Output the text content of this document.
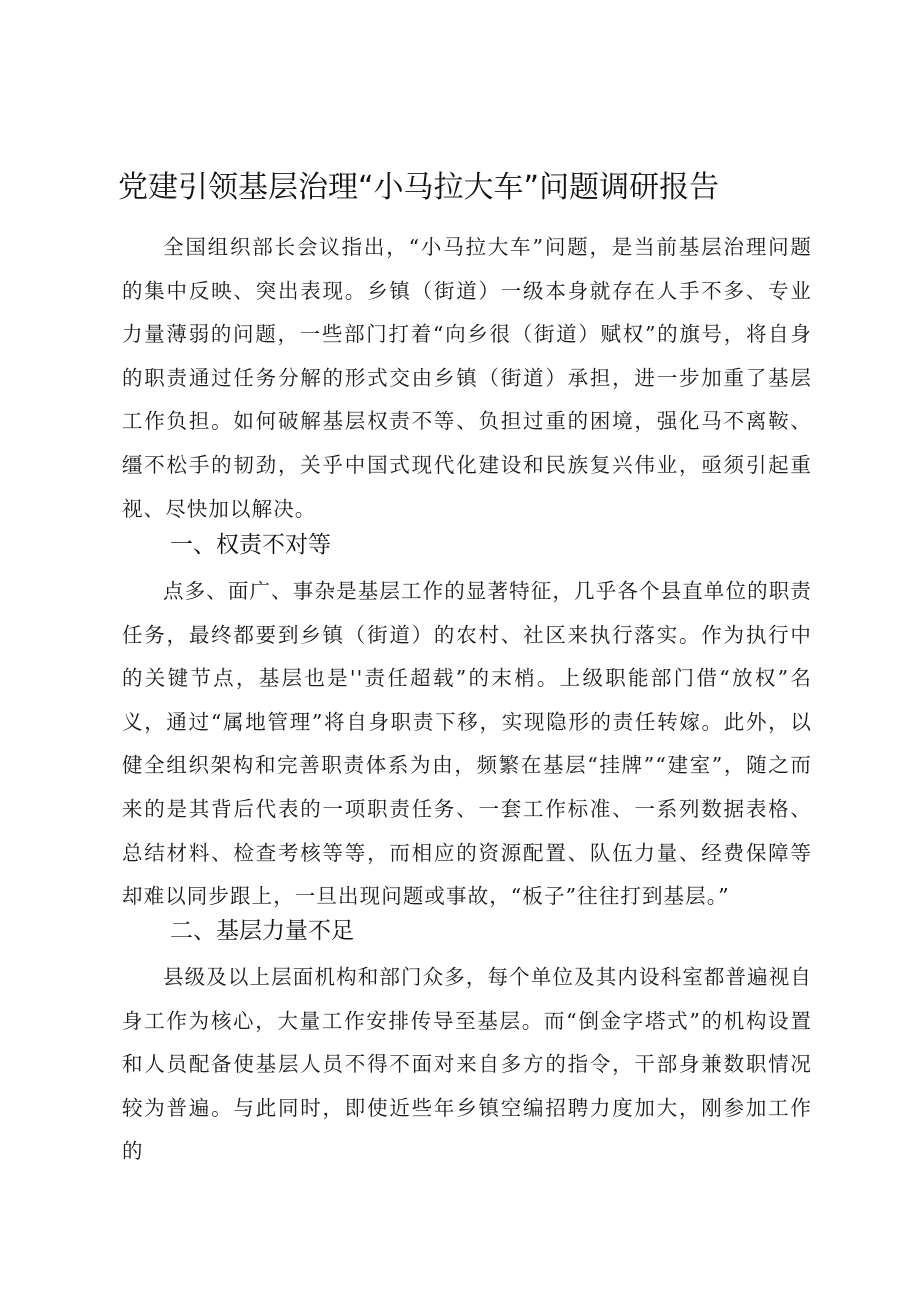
党建引领基层治理“小马拉大车”问题调研报告

全国组织部长会议指出，“小马拉大车”问题，是当前基层治理问题的集中反映、突出表现。乡镇（街道）一级本身就存在人手不多、专业力量薄弱的问题，一些部门打着“向乡很（街道）赋权”的旗号，将自身的职责通过任务分解的形式交由乡镇（街道）承担，进一步加重了基层工作负担。如何破解基层权责不等、负担过重的困境，强化马不离鞍、缰不松手的韧劲，关乎中国式现代化建设和民族复兴伟业，亟须引起重视、尽快加以解决。

一、权责不对等

点多、面广、事杂是基层工作的显著特征，几乎各个县直单位的职责任务，最终都要到乡镇（街道）的农村、社区来执行落实。作为执行中的关键节点，基层也是''责任超载”的末梢。上级职能部门借“放权”名义，通过“属地管理”将自身职责下移，实现隐形的责任转嫁。此外，以健全组织架构和完善职责体系为由，频繁在基层“挂牌”“建室”，随之而来的是其背后代表的一项职责任务、一套工作标准、一系列数据表格、总结材料、检查考核等等，而相应的资源配置、队伍力量、经费保障等却难以同步跟上，一旦出现问题或事故，“板子”往往打到基层。”

二、基层力量不足

县级及以上层面机构和部门众多，每个单位及其内设科室都普遍视自身工作为核心，大量工作安排传导至基层。而“倒金字塔式”的机构设置和人员配备使基层人员不得不面对来自多方的指令，干部身兼数职情况较为普遍。与此同时，即使近些年乡镇空编招聘力度加大，刚参加工作的
